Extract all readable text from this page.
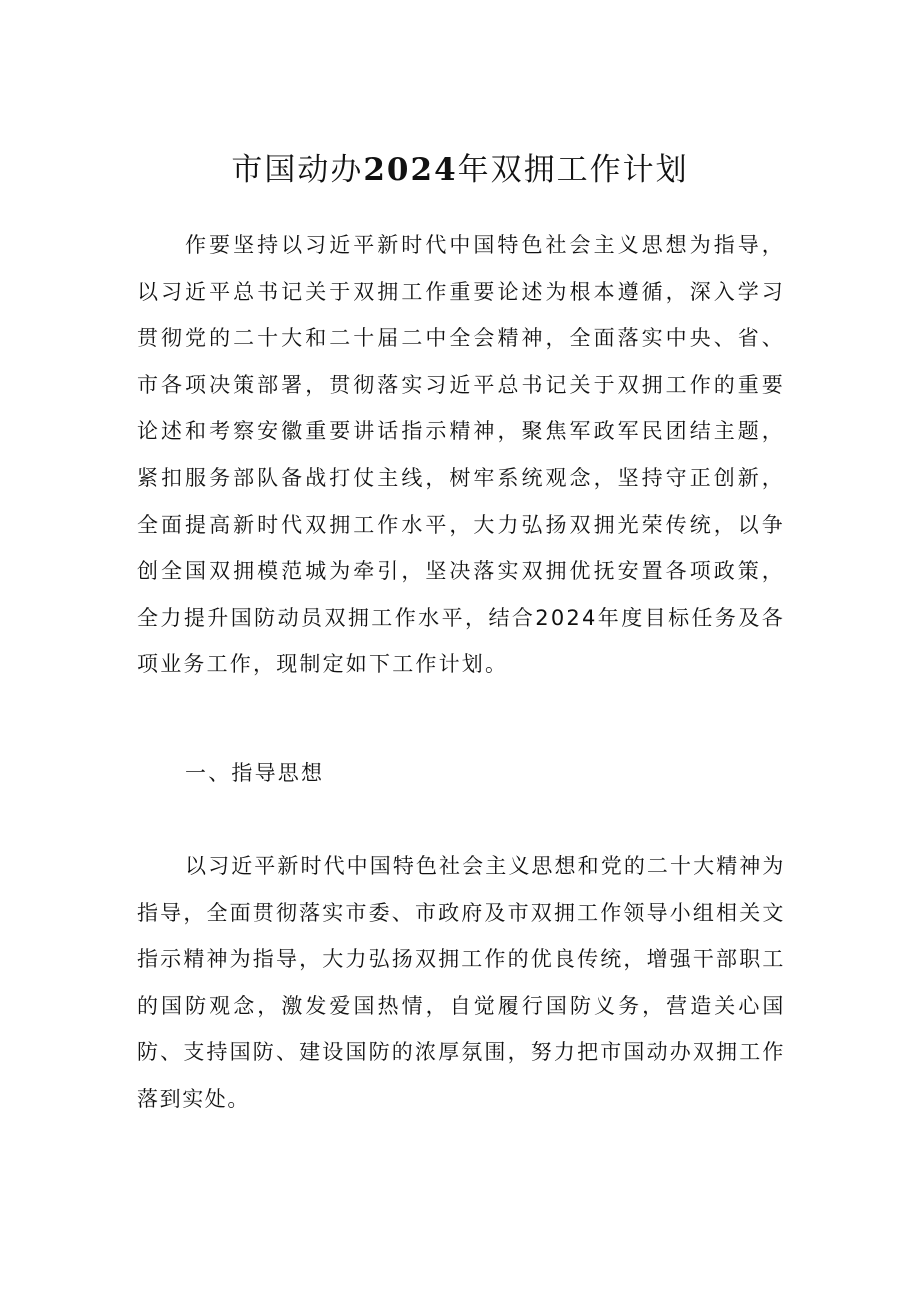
市国动办2024年双拥工作计划

作要坚持以习近平新时代中国特色社会主义思想为指导，以习近平总书记关于双拥工作重要论述为根本遵循，深入学习贯彻党的二十大和二十届二中全会精神，全面落实中央、省、市各项决策部署，贯彻落实习近平总书记关于双拥工作的重要论述和考察安徽重要讲话指示精神，聚焦军政军民团结主题，紧扣服务部队备战打仗主线，树牢系统观念，坚持守正创新，全面提高新时代双拥工作水平，大力弘扬双拥光荣传统，以争创全国双拥模范城为牵引，坚决落实双拥优抚安置各项政策，全力提升国防动员双拥工作水平，结合2024年度目标任务及各项业务工作，现制定如下工作计划。

一、指导思想

以习近平新时代中国特色社会主义思想和党的二十大精神为指导，全面贯彻落实市委、市政府及市双拥工作领导小组相关文指示精神为指导，大力弘扬双拥工作的优良传统，增强干部职工的国防观念，激发爱国热情，自觉履行国防义务，营造关心国防、支持国防、建设国防的浓厚氛围，努力把市国动办双拥工作落到实处。
